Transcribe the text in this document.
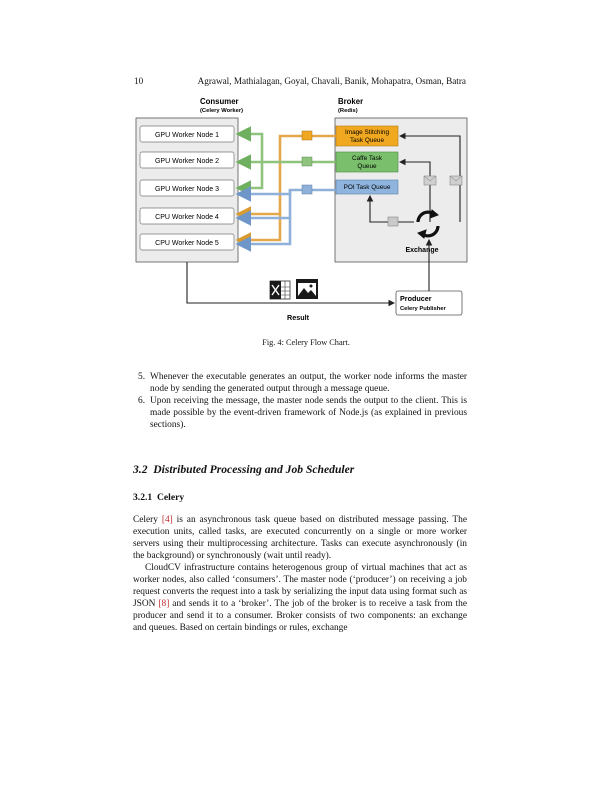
10	Agrawal, Mathialagan, Goyal, Chavali, Banik, Mohapatra, Osman, Batra
Consumer
(Celery Worker)
Broker
(Redis)
GPU Worker Node 1
GPU Worker Node 2
GPU Worker Node 3
CPU Worker Node 4
CPU Worker Node 5
Image Stitching
Task Queue
Caffe Task
Queue
POI Task Queue
Exchange
Producer
Celery Publisher
Result
Fig. 4: Celery Flow Chart.
5. Whenever the executable generates an output, the worker node informs the master node by sending the generated output through a message queue.
6. Upon receiving the message, the master node sends the output to the client. This is made possible by the event-driven framework of Node.js (as explained in previous sections).
3.2 Distributed Processing and Job Scheduler
3.2.1 Celery

Celery [4] is an asynchronous task queue based on distributed message passing. The execution units, called tasks, are executed concurrently on a single or more worker servers using their multiprocessing architecture. Tasks can execute asynchronously (in the background) or synchronously (wait until ready).

CloudCV infrastructure contains heterogenous group of virtual machines that act as worker nodes, also called ‘consumers’. The master node (‘producer’) on receiving a job request converts the request into a task by serializing the input data using format such as JSON [8] and sends it to a ‘broker’. The job of the broker is to receive a task from the producer and send it to a consumer. Broker consists of two components: an exchange and queues. Based on certain bindings or rules, exchange
